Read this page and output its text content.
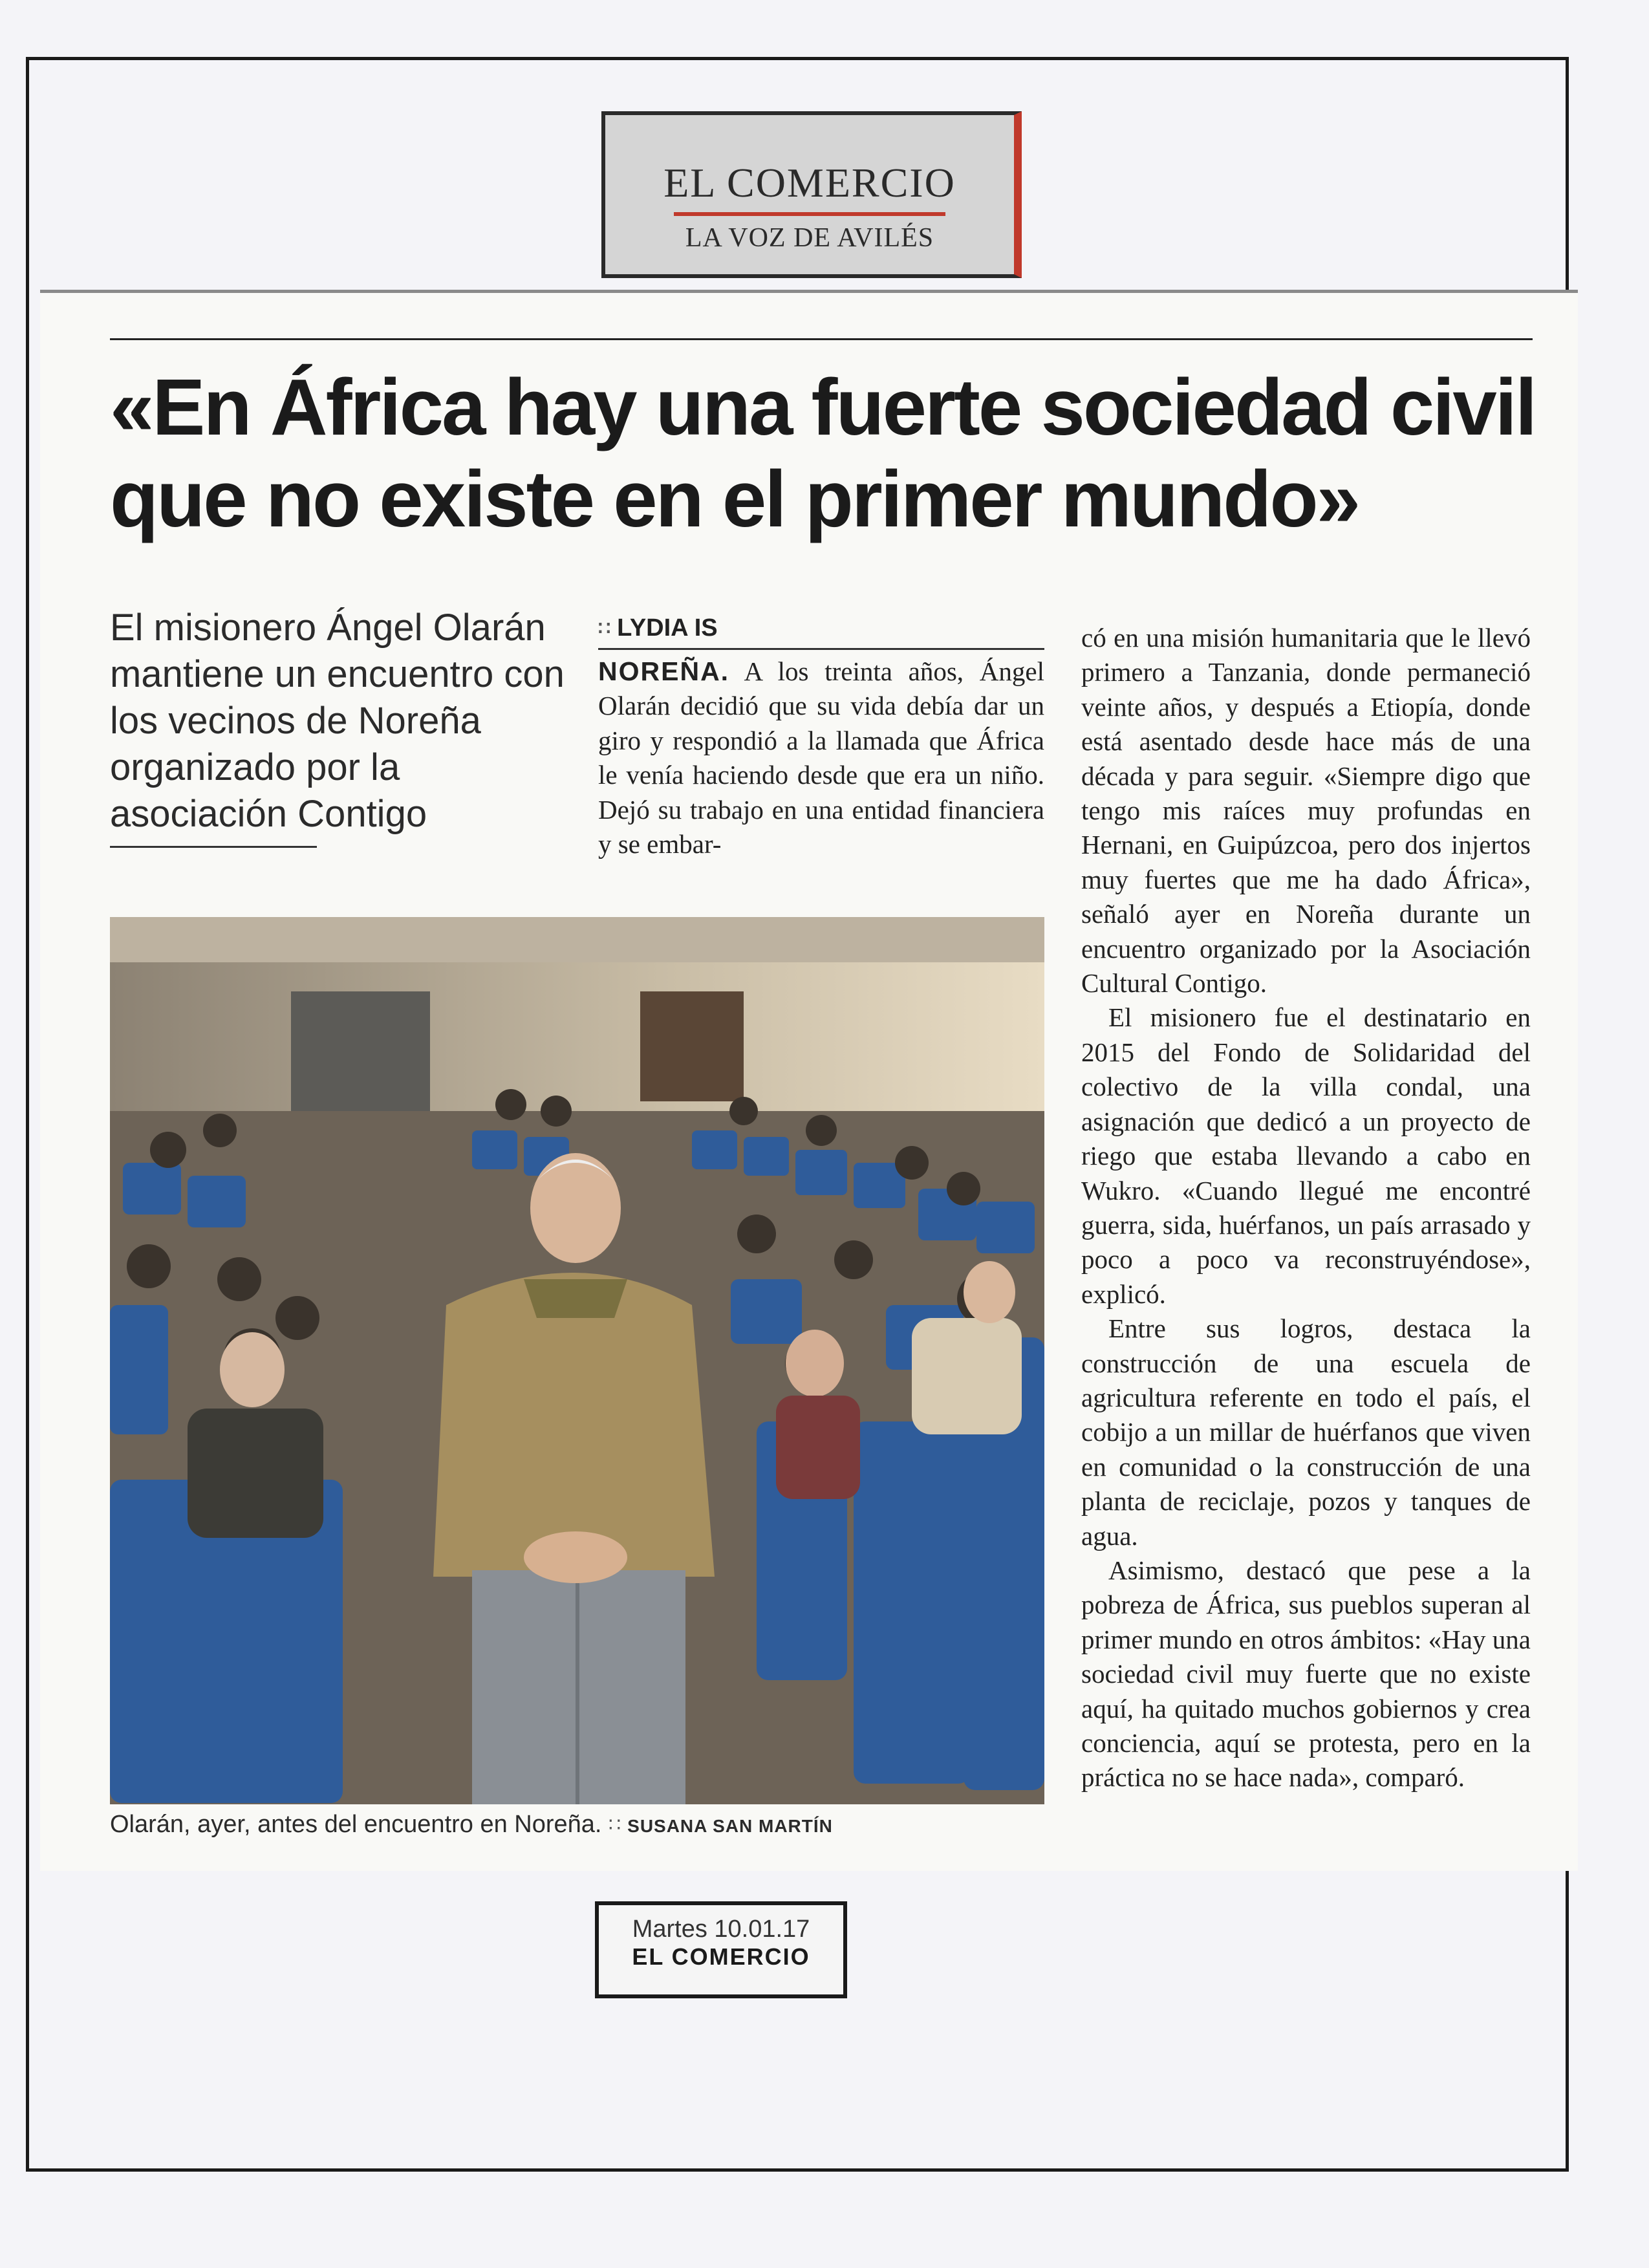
EL COMERCIO
LA VOZ DE AVILÉS
«En África hay una fuerte sociedad civil
que no existe en el primer mundo»
El misionero Ángel Olarán mantiene un encuentro con los vecinos de Noreña organizado por la asociación Contigo
∷ LYDIA IS

NOREÑA. A los treinta años, Ángel Olarán decidió que su vida debía dar un giro y respondió a la llamada que África le venía haciendo desde que era un niño. Dejó su trabajo en una entidad financiera y se embar-

Olarán, ayer, antes del encuentro en Noreña. ∷ SUSANA SAN MARTÍN

có en una misión humanitaria que le llevó primero a Tanzania, donde permaneció veinte años, y después a Etiopía, donde está asentado desde hace más de una década y para seguir. «Siempre digo que tengo mis raíces muy profundas en Hernani, en Guipúzcoa, pero dos injertos muy fuertes que me ha dado África», señaló ayer en Noreña durante un encuentro organizado por la Asociación Cultural Contigo.

El misionero fue el destinatario en 2015 del Fondo de Solidaridad del colectivo de la villa condal, una asignación que dedicó a un proyecto de riego que estaba llevando a cabo en Wukro. «Cuando llegué me encontré guerra, sida, huérfanos, un país arrasado y poco a poco va reconstruyéndose», explicó.

Entre sus logros, destaca la construcción de una escuela de agricultura referente en todo el país, el cobijo a un millar de huérfanos que viven en comunidad o la construcción de una planta de reciclaje, pozos y tanques de agua.

Asimismo, destacó que pese a la pobreza de África, sus pueblos superan al primer mundo en otros ámbitos: «Hay una sociedad civil muy fuerte que no existe aquí, ha quitado muchos gobiernos y crea conciencia, aquí se protesta, pero en la práctica no se hace nada», comparó.

Martes 10.01.17
EL COMERCIO
